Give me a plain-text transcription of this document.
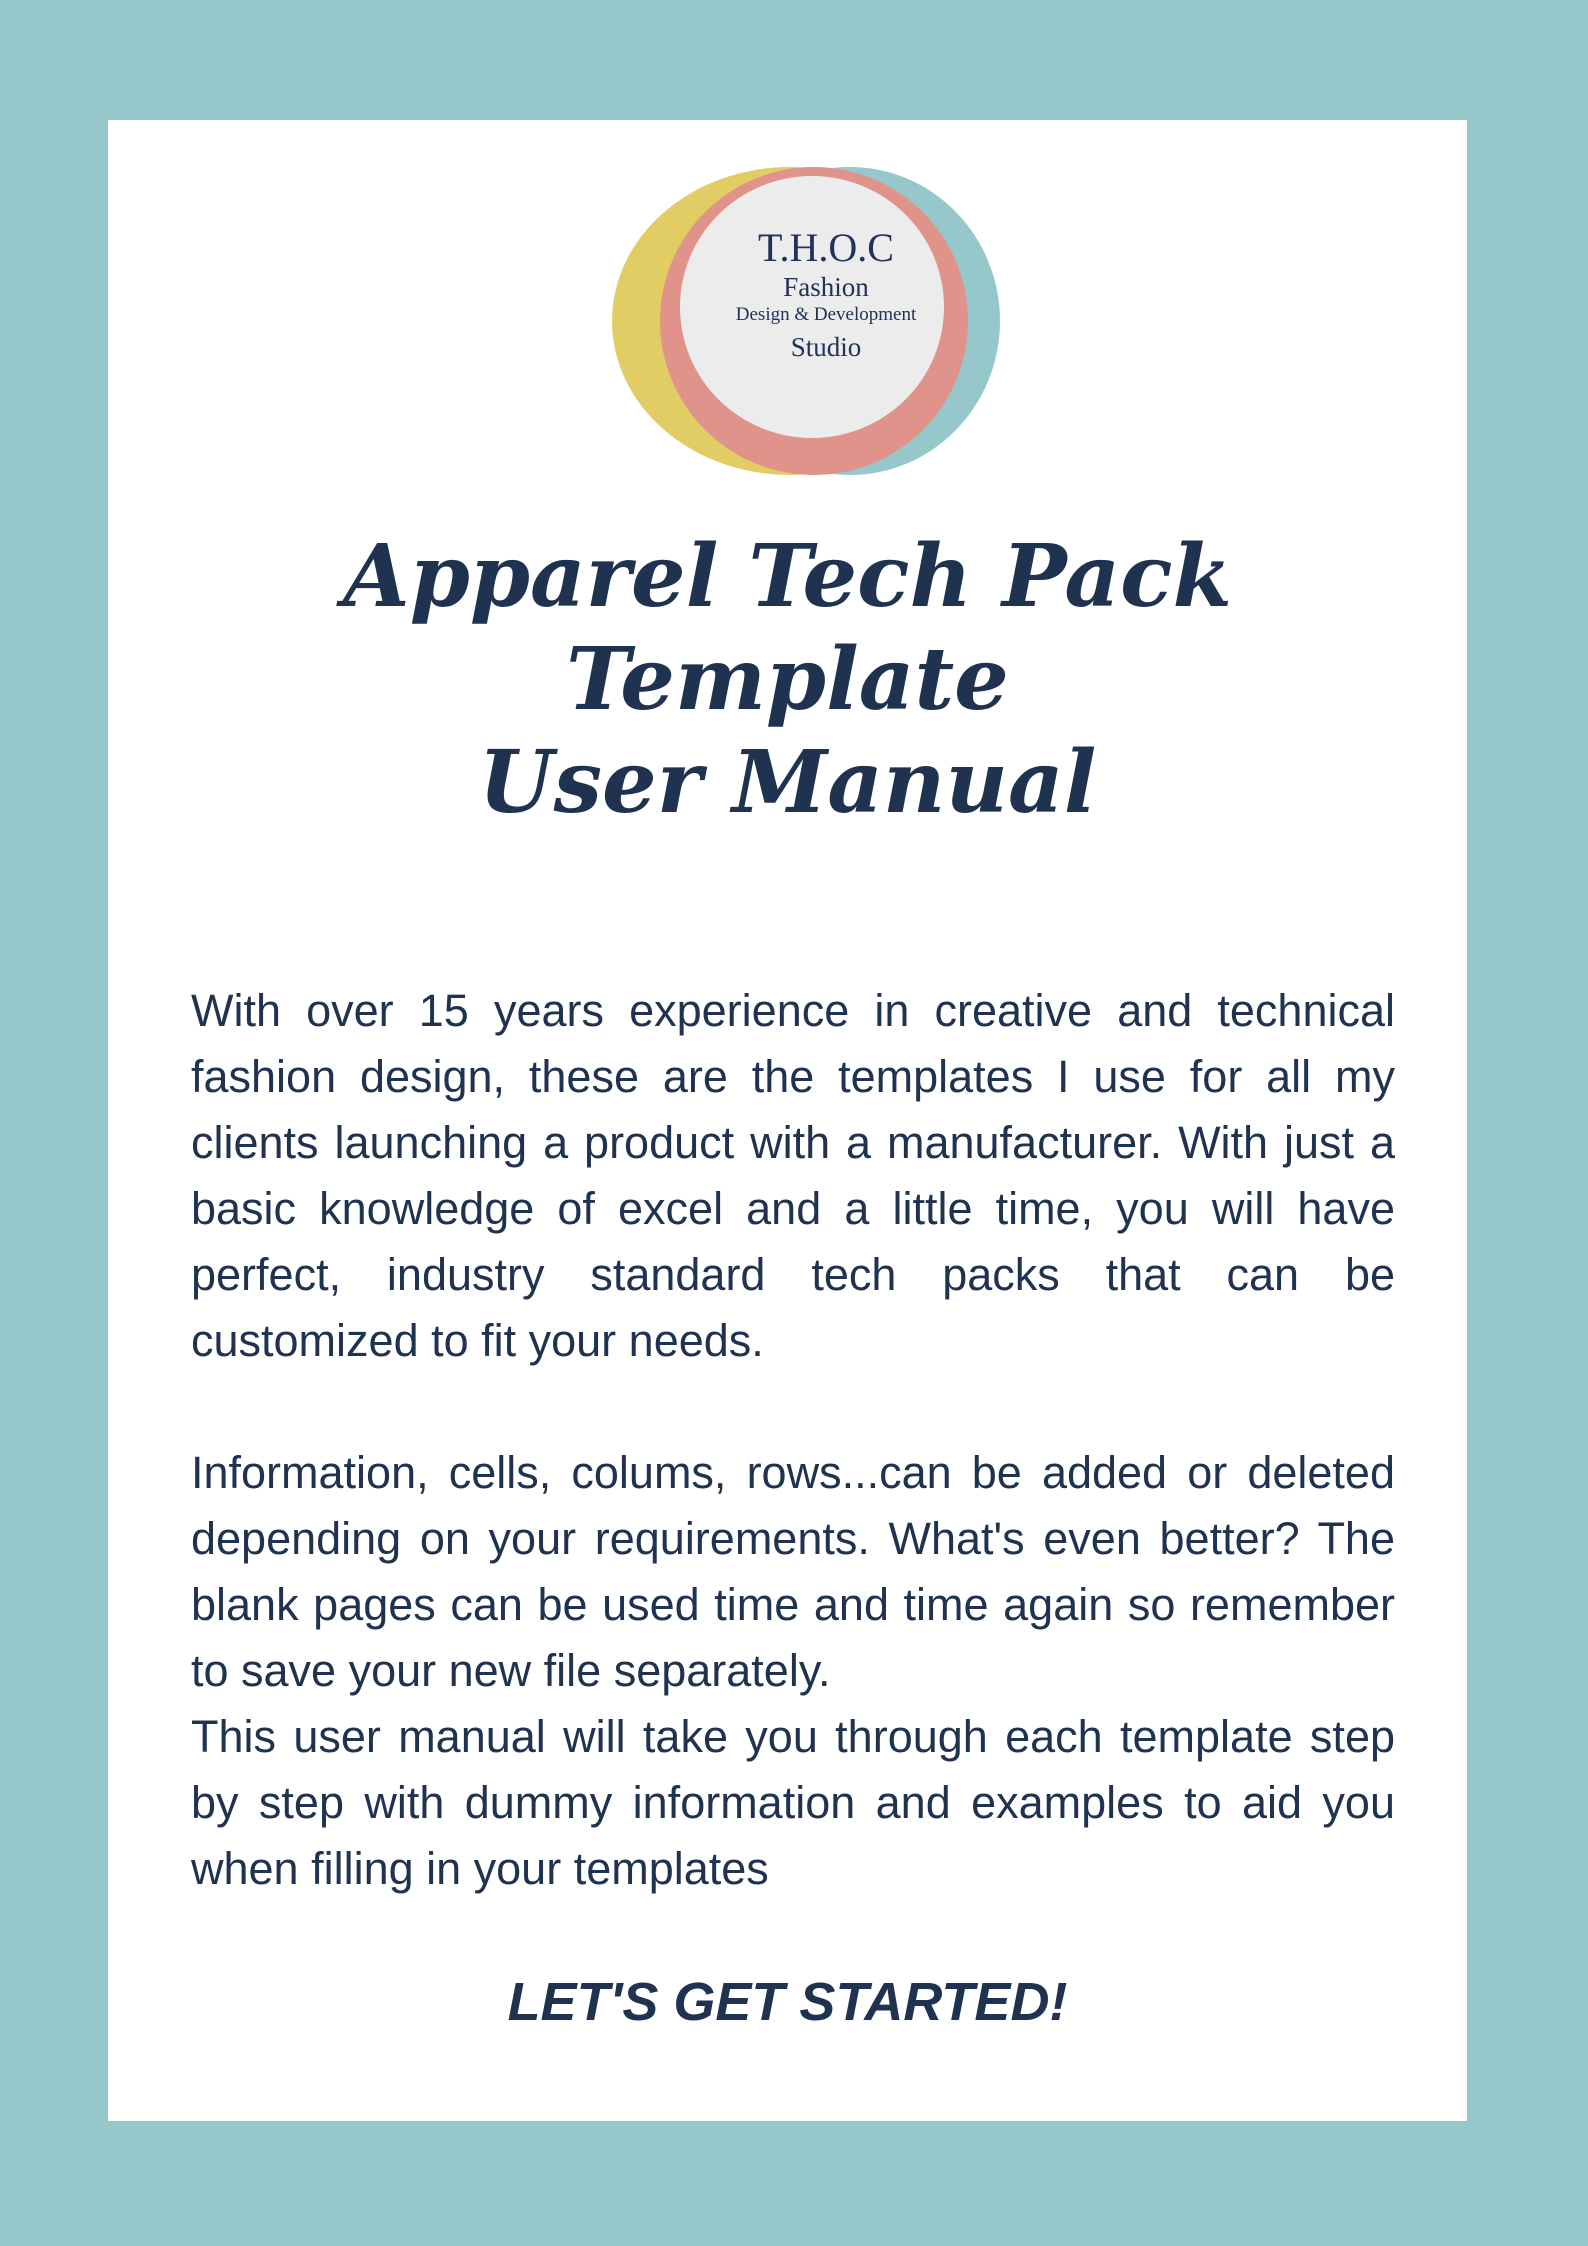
T.H.O.C
Fashion
Design & Development
Studio
Apparel Tech Pack Template
User Manual

With over 15 years experience in creative and technical fashion design, these are the templates I use for all my clients launching a product with a manufacturer. With just a basic knowledge of excel and a little time, you will have perfect, industry standard tech packs that can be customized to fit your needs.

Information, cells, colums, rows...can be added or deleted depending on your requirements. What's even better? The blank pages can be used time and time again so remember to save your new file separately.

This user manual will take you through each template step by step with dummy information and examples to aid you when filling in your templates

LET'S GET STARTED!
